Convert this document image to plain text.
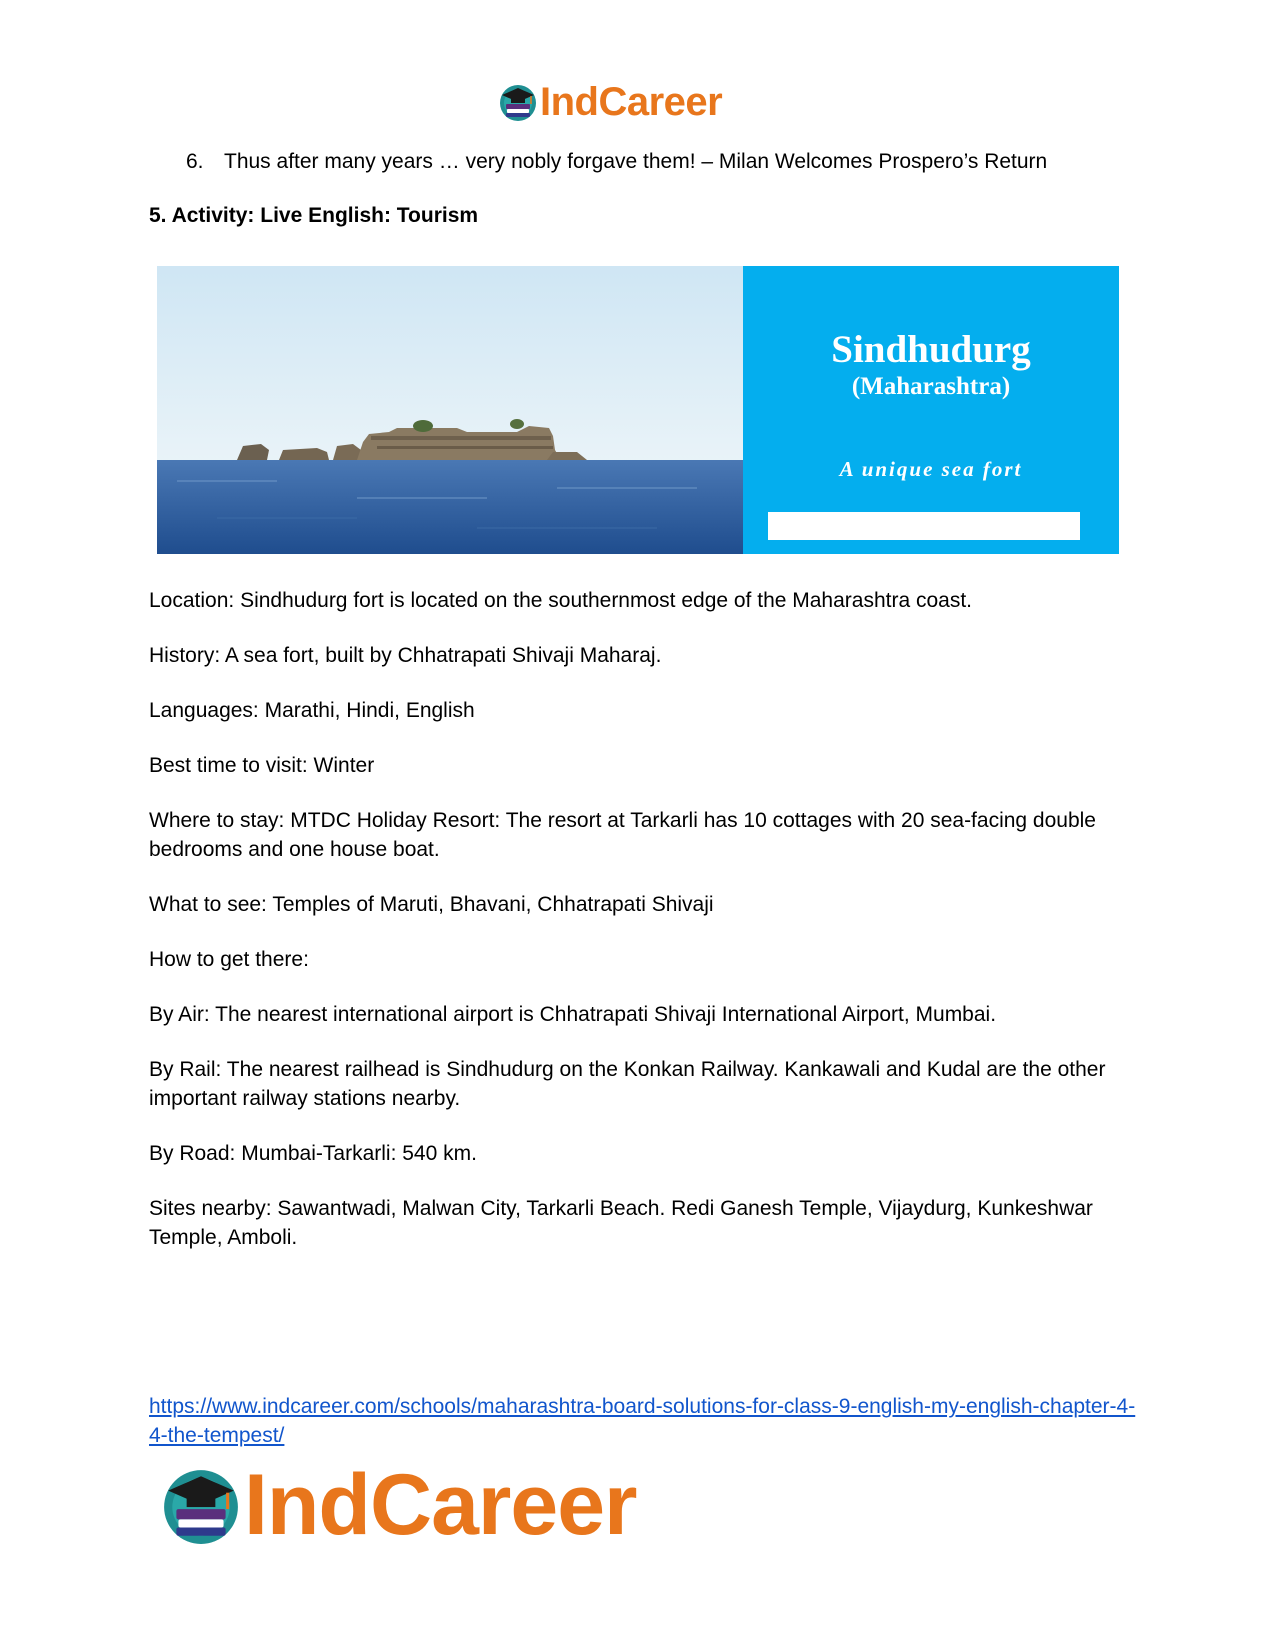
IndCareer
6. Thus after many years … very nobly forgave them! – Milan Welcomes Prospero’s Return
5. Activity: Live English: Tourism
Sindhudurg
(Maharashtra)
A unique sea fort

Location: Sindhudurg fort is located on the southernmost edge of the Maharashtra coast.

History: A sea fort, built by Chhatrapati Shivaji Maharaj.

Languages: Marathi, Hindi, English

Best time to visit: Winter

Where to stay: MTDC Holiday Resort: The resort at Tarkarli has 10 cottages with 20 sea-facing double bedrooms and one house boat.

What to see: Temples of Maruti, Bhavani, Chhatrapati Shivaji

How to get there:

By Air: The nearest international airport is Chhatrapati Shivaji International Airport, Mumbai.

By Rail: The nearest railhead is Sindhudurg on the Konkan Railway. Kankawali and Kudal are the other important railway stations nearby.

By Road: Mumbai-Tarkarli: 540 km.

Sites nearby: Sawantwadi, Malwan City, Tarkarli Beach. Redi Ganesh Temple, Vijaydurg, Kunkeshwar Temple, Amboli.

https://www.indcareer.com/schools/maharashtra-board-solutions-for-class-9-english-my-english-chapter-4-4-the-tempest/
IndCareer
